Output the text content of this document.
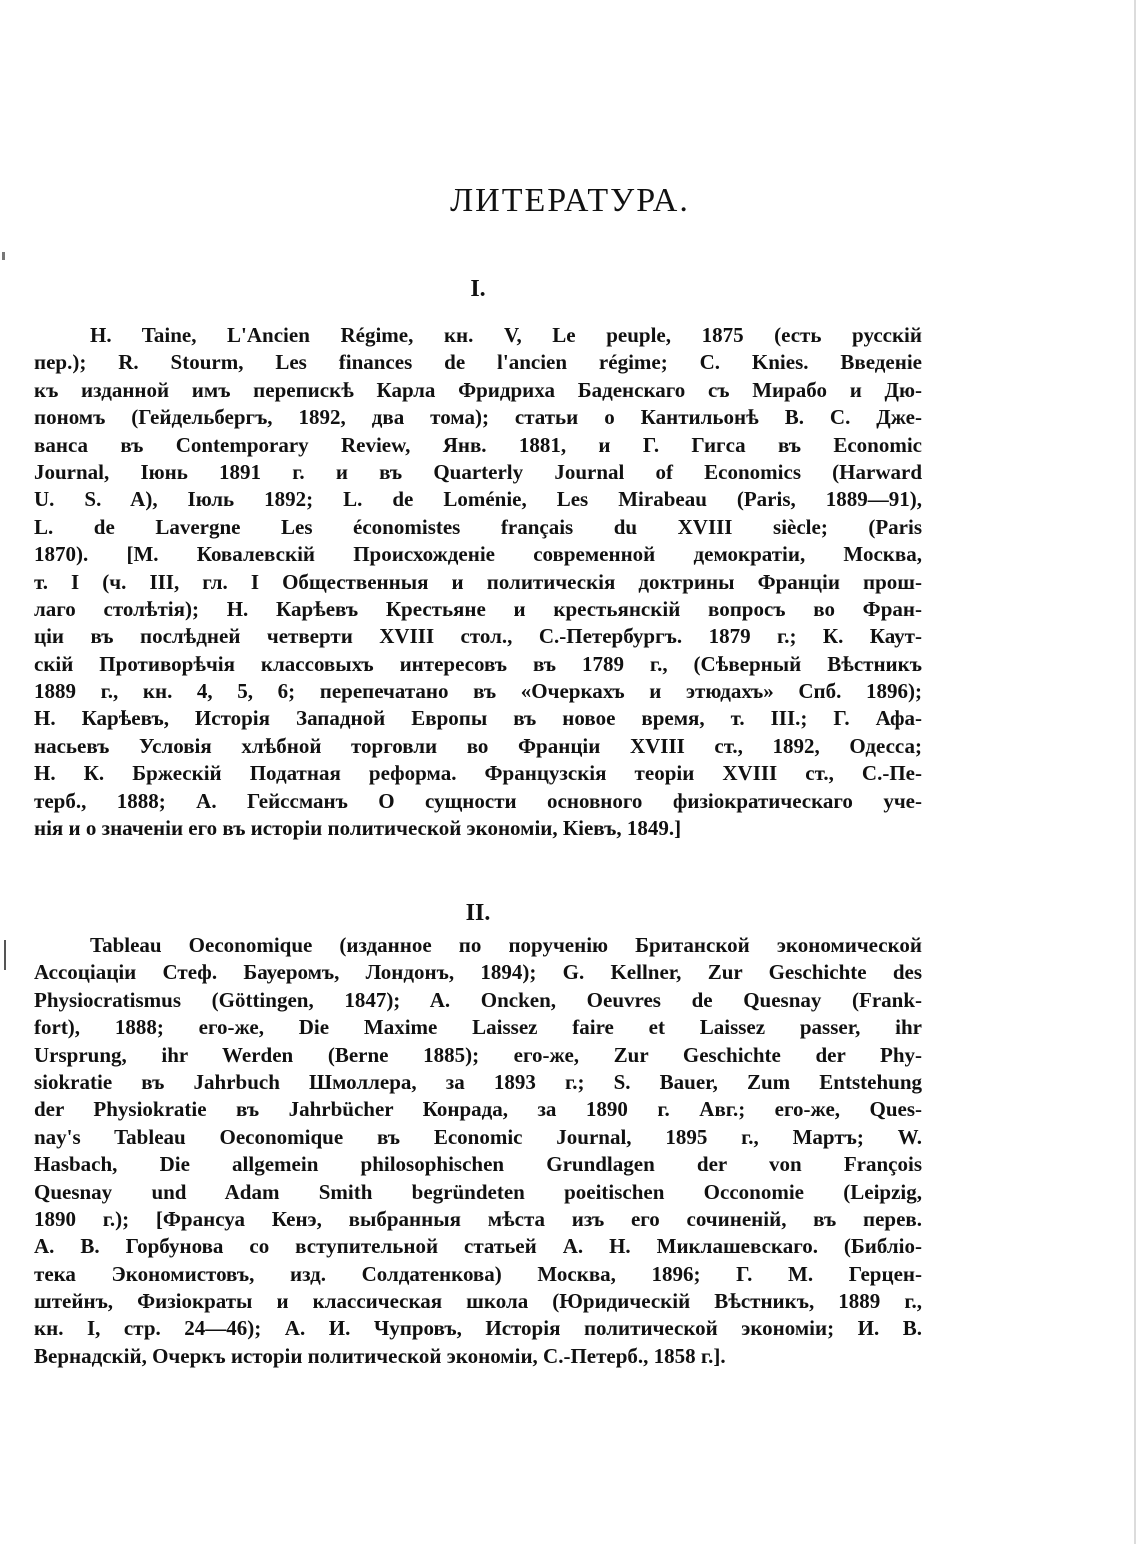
ЛИТЕРАТУРА.
I.
H. Taine, L'Ancien Régime, кн. V, Le peuple, 1875 (есть русскій
пер.); R. Stourm, Les finances de l'ancien régime; C. Knies. Введеніе
къ изданной имъ перепискѣ Карла Фридриха Баденскаго съ Мирабо и Дю-
пономъ (Гейдельбергъ, 1892, два тома); статьи о Кантильонѣ В. С. Дже-
ванса въ Contemporary Review, Янв. 1881, и Г. Гигса въ Economic
Journal, Іюнь 1891 г. и въ Quarterly Journal of Economics (Harward
U. S. A), Іюль 1892; L. de Loménie, Les Mirabeau (Paris, 1889—91),
L. de Lavergne Les économistes français du XVIII siècle; (Paris
1870). [М. Ковалевскій Происхожденіе современной демократіи, Москва,
т. I (ч. III, гл. I Общественныя и политическія доктрины Франціи прош-
лаго столѣтія); Н. Карѣевъ Крестьяне и крестьянскій вопросъ во Фран-
ціи въ послѣдней четверти XVIII стол., С.-Петербургъ. 1879 г.; К. Каут-
скій Противорѣчія классовыхъ интересовъ въ 1789 г., (Сѣверный Вѣстникъ
1889 г., кн. 4, 5, 6; перепечатано въ «Очеркахъ и этюдахъ» Спб. 1896);
Н. Карѣевъ, Исторія Западной Европы въ новое время, т. III.; Г. Афа-
насьевъ Условія хлѣбной торговли во Франціи XVIII ст., 1892, Одесса;
Н. К. Бржескій Податная реформа. Французскія теоріи XVIII ст., С.-Пе-
терб., 1888; А. Гейссманъ О сущности основного физіократическаго уче-
нія и о значеніи его въ исторіи политической экономіи, Кіевъ, 1849.]
II.
Tableau Oeconomique (изданное по порученію Британской экономической
Ассоціаціи Стеф. Бауеромъ, Лондонъ, 1894); G. Kellner, Zur Geschichte des
Physiocratismus (Göttingen, 1847); A. Oncken, Oeuvres de Quesnay (Frank-
fort), 1888; его-же, Die Maxime Laissez faire et Laissez passer, ihr
Ursprung, ihr Werden (Berne 1885); его-же, Zur Geschichte der Phy-
siokratie въ Jahrbuch Шмоллера, за 1893 г.; S. Bauer, Zum Entstehung
der Physiokratie въ Jahrbücher Конрада, за 1890 г. Авг.; его-же, Ques-
nay's Tableau Oeconomique въ Economic Journal, 1895 г., Мартъ; W.
Hasbach, Die allgemein philosophischen Grundlagen der von François
Quesnay und Adam Smith begründeten poeitischen Occonomie (Leipzig,
1890 г.); [Франсуа Кенэ, выбранныя мѣста изъ его сочиненій, въ перев.
А. В. Горбунова со вступительной статьей А. Н. Миклашевскаго. (Библіо-
тека Экономистовъ, изд. Солдатенкова) Москва, 1896; Г. М. Герцен-
штейнъ, Физіократы и классическая школа (Юридическій Вѣстникъ, 1889 г.,
кн. I, стр. 24—46); А. И. Чупровъ, Исторія политической экономіи; И. В.
Вернадскій, Очеркъ исторіи политической экономіи, С.-Петерб., 1858 г.].
